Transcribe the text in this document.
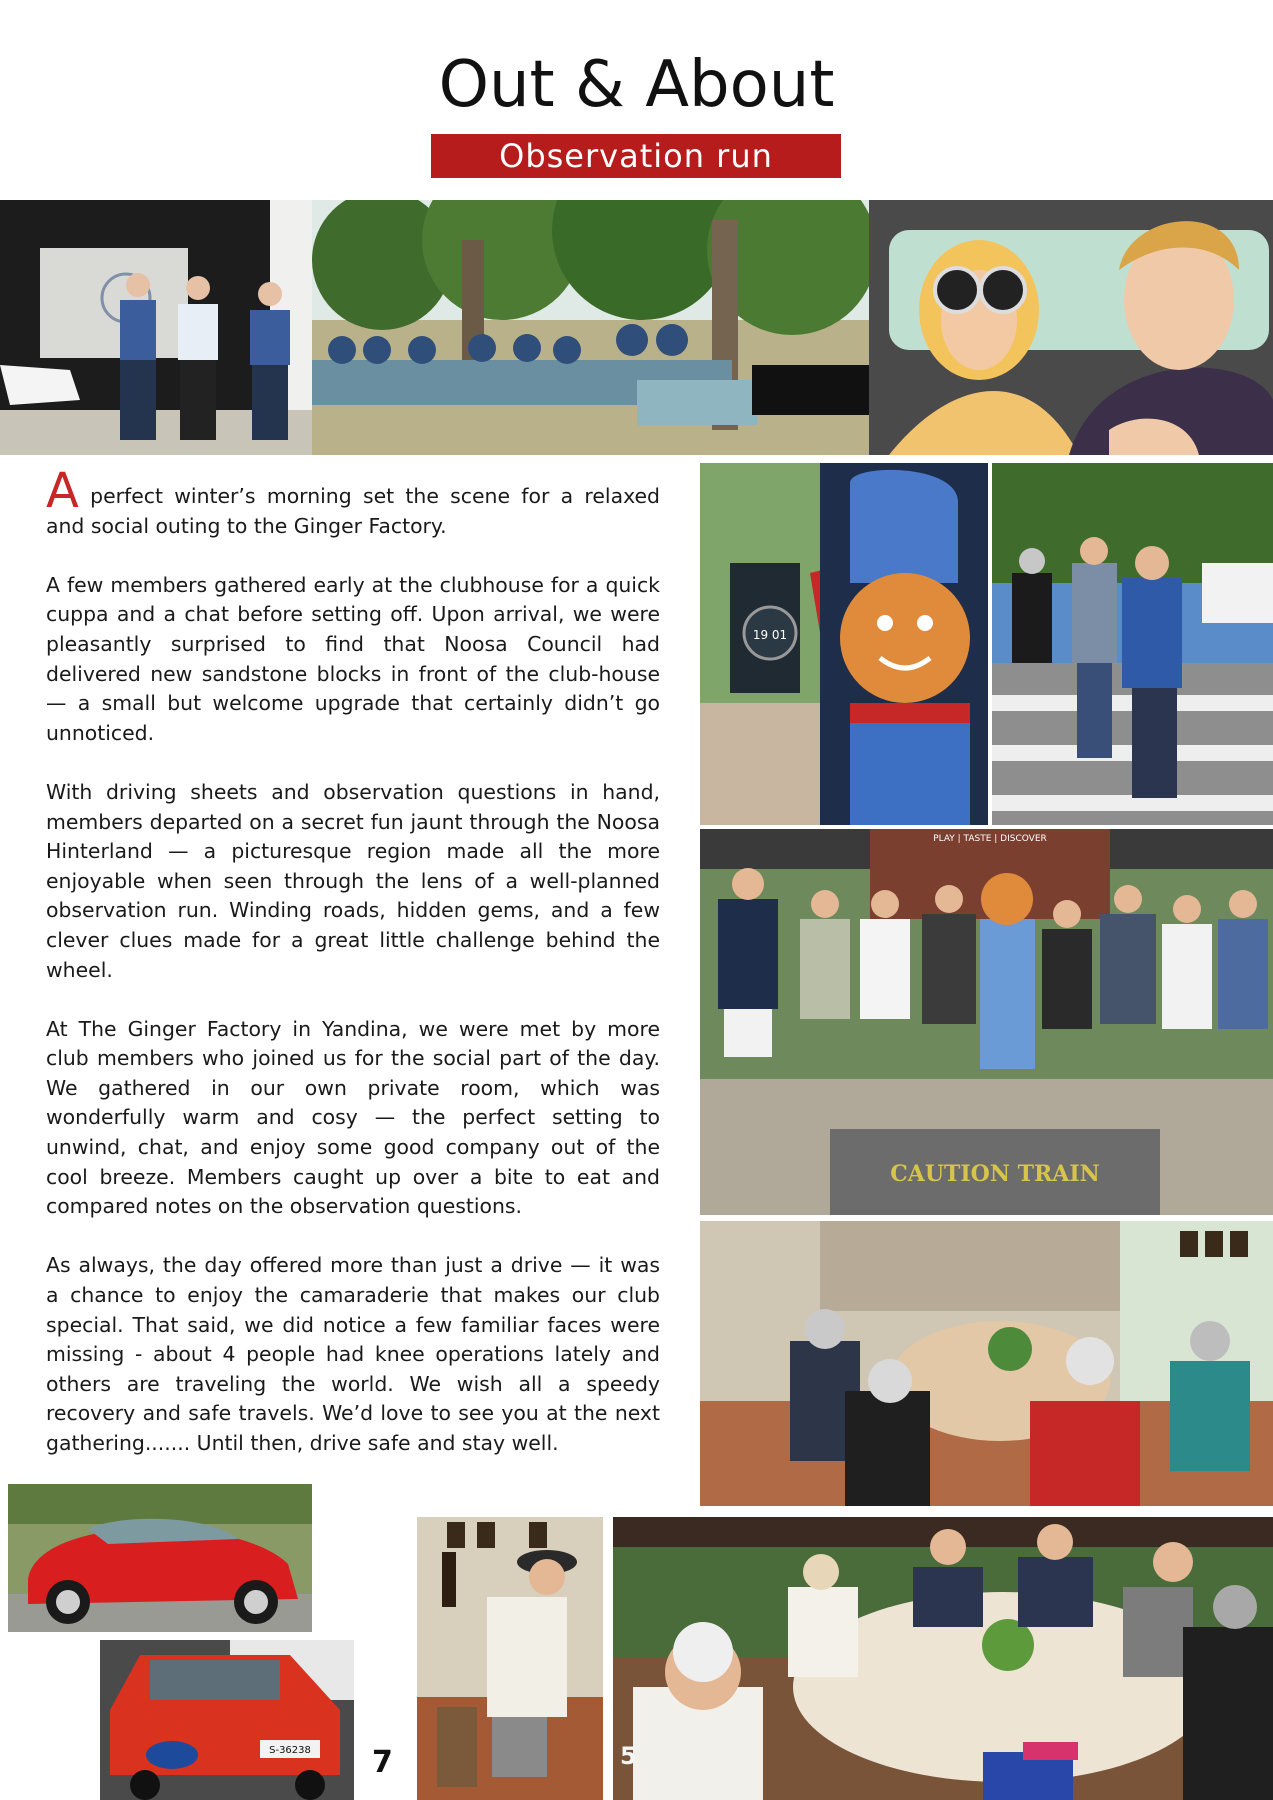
Out & About
Observation run

A perfect winter’s morning set the scene for a relaxed and social outing to the Ginger Factory.

A few members gathered early at the clubhouse for a quick cuppa and a chat before setting off. Upon arrival, we were pleasantly surprised to find that Noosa Council had delivered new sandstone blocks in front of the club-house — a small but welcome upgrade that certainly didn’t go unnoticed.

With driving sheets and observation questions in hand, members departed on a secret fun jaunt through the Noosa Hinterland — a picturesque region made all the more enjoyable when seen through the lens of a well-planned observation run. Winding roads, hidden gems, and a few clever clues made for a great little challenge behind the wheel.

At The Ginger Factory in Yandina, we were met by more club members who joined us for the social part of the day. We gathered in our own private room, which was wonderfully warm and cosy — the perfect setting to unwind, chat, and enjoy some good company out of the cool breeze. Members caught up over a bite to eat and compared notes on the observation questions.

As always, the day offered more than just a drive — it was a chance to enjoy the camaraderie that makes our club special. That said, we did notice a few familiar faces were missing - about 4 people had knee operations lately and others are traveling the world. We wish all a speedy recovery and safe travels. We’d love to see you at the next gathering....... Until then, drive safe and stay well.

19 01
PLAY | TASTE | DISCOVER
CAUTION TRAIN
S-36238 7	5
